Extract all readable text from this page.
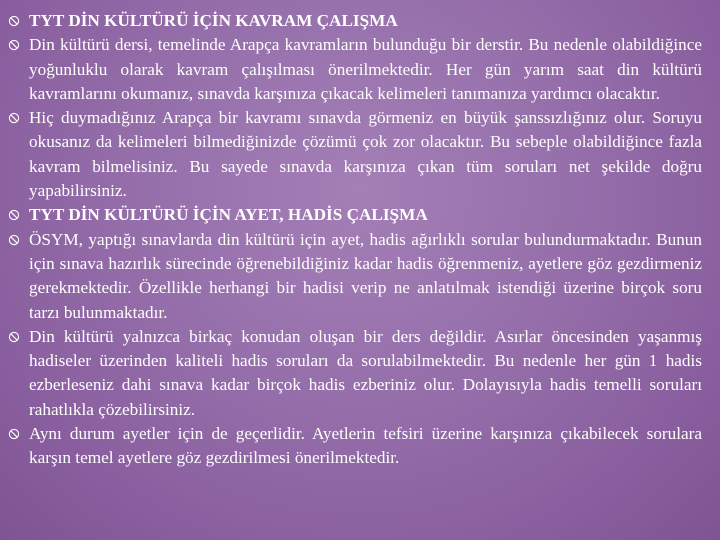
TYT DİN KÜLTÜRÜ İÇİN KAVRAM ÇALIŞMA
Din kültürü dersi, temelinde Arapça kavramların bulunduğu bir derstir. Bu nedenle olabildiğince yoğunluklu olarak kavram çalışılması önerilmektedir. Her gün yarım saat din kültürü kavramlarını okumanız, sınavda karşınıza çıkacak kelimeleri tanımanıza yardımcı olacaktır.
Hiç duymadığınız Arapça bir kavramı sınavda görmeniz en büyük şanssızlığınız olur. Soruyu okusanız da kelimeleri bilmediğinizde çözümü çok zor olacaktır. Bu sebeple olabildiğince fazla kavram bilmelisiniz. Bu sayede sınavda karşınıza çıkan tüm soruları net şekilde doğru yapabilirsiniz.
TYT DİN KÜLTÜRÜ İÇİN AYET, HADİS ÇALIŞMA
ÖSYM, yaptığı sınavlarda din kültürü için ayet, hadis ağırlıklı sorular bulundurmaktadır. Bunun için sınava hazırlık sürecinde öğrenebildiğiniz kadar hadis öğrenmeniz, ayetlere göz gezdirmeniz gerekmektedir. Özellikle herhangi bir hadisi verip ne anlatılmak istendiği üzerine birçok soru tarzı bulunmaktadır.
Din kültürü yalnızca birkaç konudan oluşan bir ders değildir. Asırlar öncesinden yaşanmış hadiseler üzerinden kaliteli hadis soruları da sorulabilmektedir. Bu nedenle her gün 1 hadis ezberleseniz dahi sınava kadar birçok hadis ezberiniz olur. Dolayısıyla hadis temelli soruları rahatlıkla çözebilirsiniz.
Aynı durum ayetler için de geçerlidir. Ayetlerin tefsiri üzerine karşınıza çıkabilecek sorulara karşın temel ayetlere göz gezdirilmesi önerilmektedir.
